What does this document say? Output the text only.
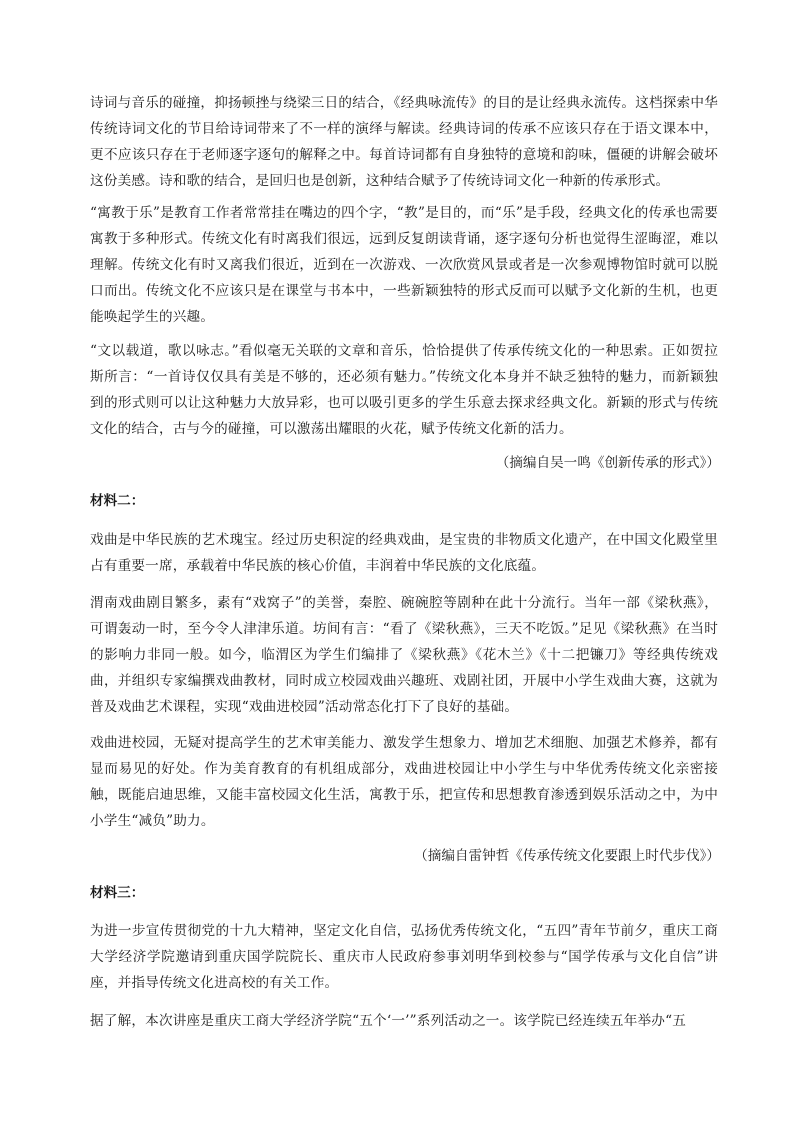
诗词与音乐的碰撞，抑扬顿挫与绕梁三日的结合，《经典咏流传》的目的是让经典永流传。这档探索中华传统诗词文化的节目给诗词带来了不一样的演绎与解读。经典诗词的传承不应该只存在于语文课本中，更不应该只存在于老师逐字逐句的解释之中。每首诗词都有自身独特的意境和韵味，僵硬的讲解会破坏这份美感。诗和歌的结合，是回归也是创新，这种结合赋予了传统诗词文化一种新的传承形式。

“寓教于乐”是教育工作者常常挂在嘴边的四个字，“教”是目的，而“乐”是手段，经典文化的传承也需要寓教于多种形式。传统文化有时离我们很远，远到反复朗读背诵，逐字逐句分析也觉得生涩晦涩，难以理解。传统文化有时又离我们很近，近到在一次游戏、一次欣赏风景或者是一次参观博物馆时就可以脱口而出。传统文化不应该只是在课堂与书本中，一些新颖独特的形式反而可以赋予文化新的生机，也更能唤起学生的兴趣。

“文以载道，歌以咏志。”看似毫无关联的文章和音乐，恰恰提供了传承传统文化的一种思索。正如贺拉斯所言：“一首诗仅仅具有美是不够的，还必须有魅力。”传统文化本身并不缺乏独特的魅力，而新颖独到的形式则可以让这种魅力大放异彩，也可以吸引更多的学生乐意去探求经典文化。新颖的形式与传统文化的结合，古与今的碰撞，可以激荡出耀眼的火花，赋予传统文化新的活力。

（摘编自吴一鸣《创新传承的形式》）

材料二：

戏曲是中华民族的艺术瑰宝。经过历史积淀的经典戏曲，是宝贵的非物质文化遗产，在中国文化殿堂里占有重要一席，承载着中华民族的核心价值，丰润着中华民族的文化底蕴。

渭南戏曲剧目繁多，素有“戏窝子”的美誉，秦腔、碗碗腔等剧种在此十分流行。当年一部《梁秋燕》，可谓轰动一时，至今令人津津乐道。坊间有言：“看了《梁秋燕》，三天不吃饭。”足见《梁秋燕》在当时的影响力非同一般。如今，临渭区为学生们编排了《梁秋燕》《花木兰》《十二把镰刀》等经典传统戏曲，并组织专家编撰戏曲教材，同时成立校园戏曲兴趣班、戏剧社团，开展中小学生戏曲大赛，这就为普及戏曲艺术课程，实现“戏曲进校园”活动常态化打下了良好的基础。

戏曲进校园，无疑对提高学生的艺术审美能力、激发学生想象力、增加艺术细胞、加强艺术修养，都有显而易见的好处。作为美育教育的有机组成部分，戏曲进校园让中小学生与中华优秀传统文化亲密接触，既能启迪思维，又能丰富校园文化生活，寓教于乐，把宣传和思想教育渗透到娱乐活动之中，为中小学生“减负”助力。

（摘编自雷钟哲《传承传统文化要跟上时代步伐》）

材料三：

为进一步宣传贯彻党的十九大精神，坚定文化自信，弘扬优秀传统文化，“五四”青年节前夕，重庆工商大学经济学院邀请到重庆国学院院长、重庆市人民政府参事刘明华到校参与“国学传承与文化自信”讲座，并指导传统文化进高校的有关工作。

据了解，本次讲座是重庆工商大学经济学院“五个‘一’”系列活动之一。该学院已经连续五年举办“五
